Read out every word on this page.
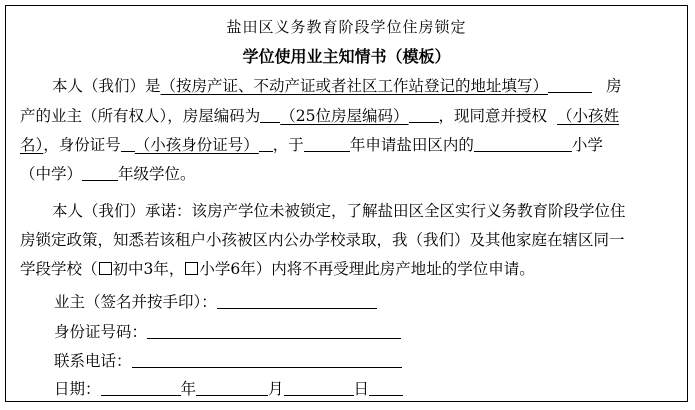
盐田区义务教育阶段学位住房锁定
学位使用业主知情书（模板）
本人（我们）是（按房产证、不动产证或者社区工作站登记的地址填写）	房
产的业主（所有权人），房屋编码为 （25位房屋编码） ，现同意并授权 （小孩姓
名），身份证号 （小孩身份证号） ，于	年申请盐田区内的	小学
（中学） 年级学位。
本人（我们）承诺：该房产学位未被锁定，了解盐田区全区实行义务教育阶段学位住
房锁定政策，知悉若该租户小孩被区内公办学校录取，我（我们）及其他家庭在辖区同一
学段学校（ 初中3年， 小学6年）内将不再受理此房产地址的学位申请。
业主（签名并按手印）：
身份证号码：
联系电话：
日期：	年	月	日
